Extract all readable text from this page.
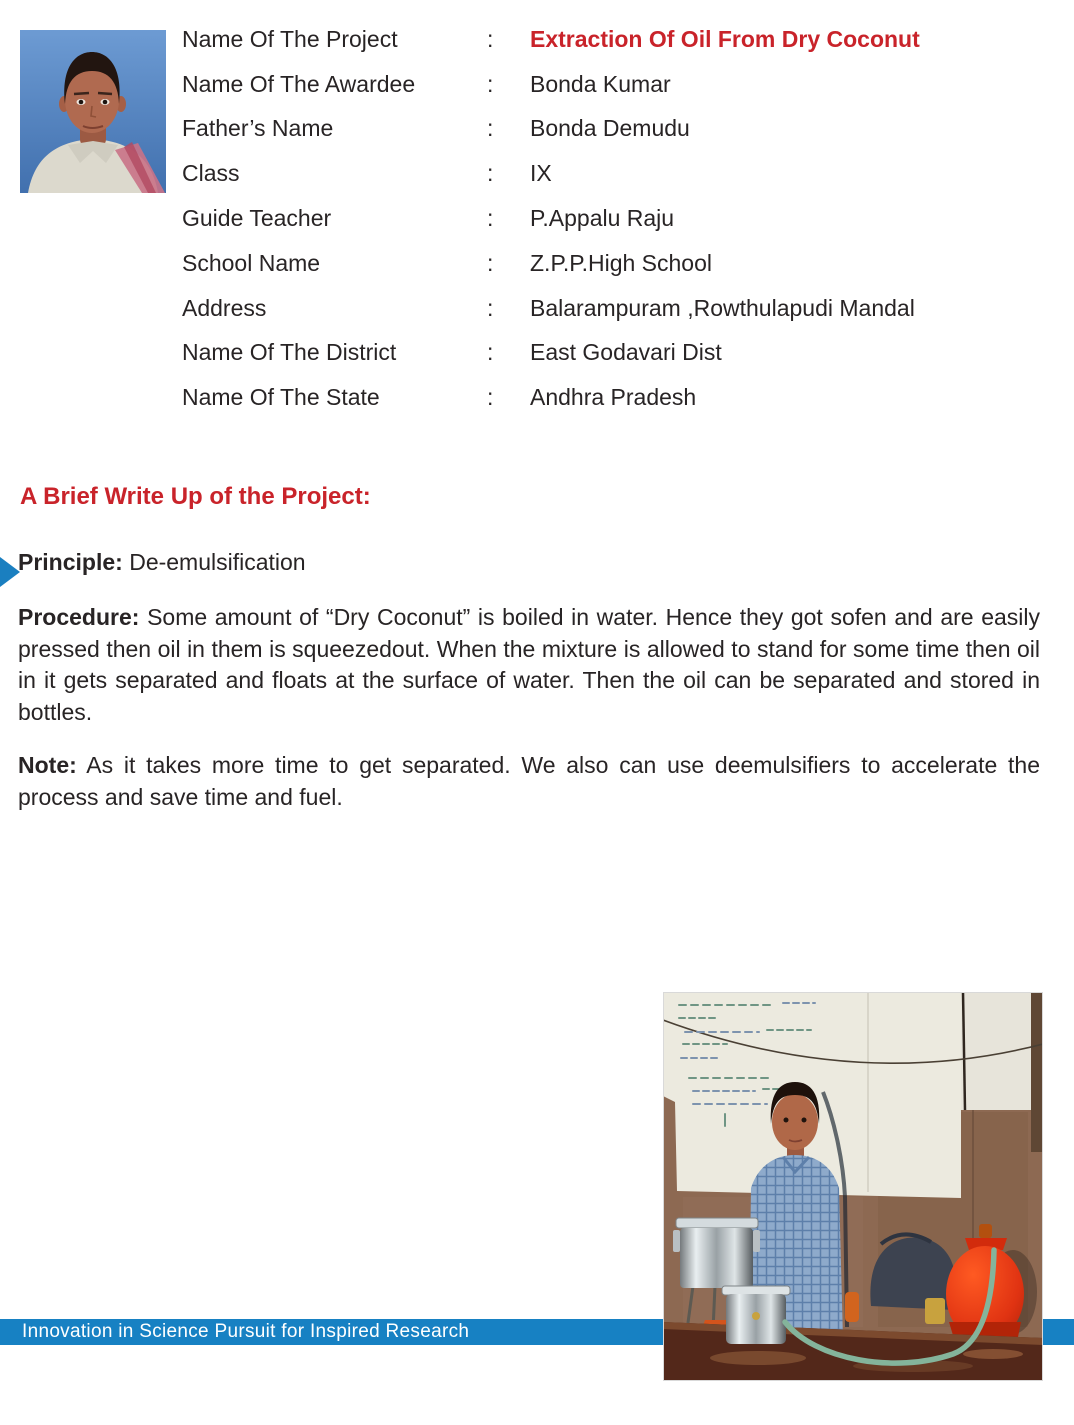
Name Of The Project	:	Extraction Of Oil From Dry Coconut
Name Of The Awardee	:	Bonda Kumar
Father’s Name	:	Bonda Demudu
Class	:	IX
Guide Teacher	:	P.Appalu Raju
School Name	:	Z.P.P.High School
Address	:	Balarampuram ,Rowthulapudi Mandal
Name Of The District	:	East Godavari Dist
Name Of The State	:	Andhra Pradesh
A Brief Write Up of the Project:
Principle: De-emulsification
Procedure: Some amount of “Dry Coconut” is boiled in water. Hence they got sofen and are easily pressed then oil in them is squeezedout. When the mixture is allowed to stand for some time then oil in it gets separated and floats at the surface of water. Then the oil can be separated and stored in bottles.
Note: As it takes more time to get separated. We also can use deemulsifiers to accelerate the process and save time and fuel.
Innovation in Science Pursuit for Inspired Research
